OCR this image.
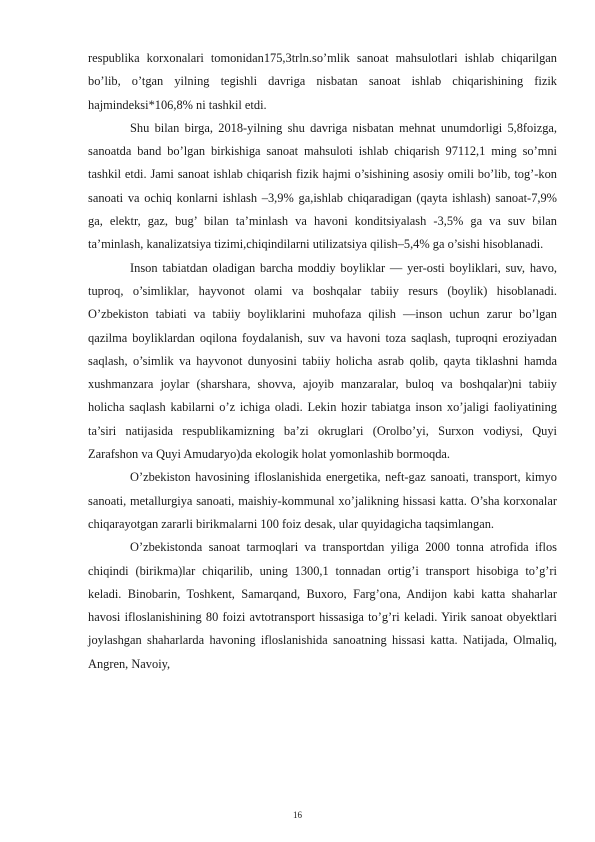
respublika korxonalari tomonidan175,3trln.so’mlik sanoat mahsulotlari ishlab chiqarilgan bo’lib, o’tgan yilning tegishli davriga nisbatan sanoat ishlab chiqarishining fizik hajmindeksi*106,8% ni tashkil etdi.

Shu bilan birga, 2018-yilning shu davriga nisbatan mehnat unumdorligi 5,8foizga, sanoatda band bo’lgan birkishiga sanoat mahsuloti ishlab chiqarish 97112,1 ming so’mni tashkil etdi. Jami sanoat ishlab chiqarish fizik hajmi o’sishining asosiy omili bo’lib, tog’-kon sanoati va ochiq konlarni ishlash –3,9% ga,ishlab chiqaradigan (qayta ishlash) sanoat-7,9% ga, elektr, gaz, bug’ bilan ta’minlash va havoni konditsiyalash -3,5% ga va suv bilan ta’minlash, kanalizatsiya tizimi,chiqindilarni utilizatsiya qilish–5,4% ga o’sishi hisoblanadi.

Inson tabiatdan oladigan barcha moddiy boyliklar — yer-osti boyliklari, suv, havo, tuproq, o’simliklar, hayvonot olami va boshqalar tabiiy resurs (boylik) hisoblanadi. O’zbekiston tabiati va tabiiy boyliklarini muhofaza qilish —inson uchun zarur bo’lgan qazilma boyliklardan oqilona foydalanish, suv va havoni toza saqlash, tuproqni eroziyadan saqlash, o’simlik va hayvonot dunyosini tabiiy holicha asrab qolib, qayta tiklashni hamda xushmanzara joylar (sharshara, shovva, ajoyib manzaralar, buloq va boshqalar)ni tabiiy holicha saqlash kabilarni o’z ichiga oladi. Lekin hozir tabiatga inson xo’jaligi faoliyatining ta’siri natijasida respublikamizning ba’zi okruglari (Orolbo’yi, Surxon vodiysi, Quyi Zarafshon va Quyi Amudaryo)da ekologik holat yomonlashib bormoqda.

O’zbekiston havosining ifloslanishida energetika, neft-gaz sanoati, transport, kimyo sanoati, metallurgiya sanoati, maishiy-kommunal xo’jalikning hissasi katta. O’sha korxonalar chiqarayotgan zararli birikmalarni 100 foiz desak, ular quyidagicha taqsimlangan.

O’zbekistonda sanoat tarmoqlari va transportdan yiliga 2000 tonna atrofida iflos chiqindi (birikma)lar chiqarilib, uning 1300,1 tonnadan ortig’i transport hisobiga to’g’ri keladi. Binobarin, Toshkent, Samarqand, Buxoro, Farg’ona, Andijon kabi katta shaharlar havosi ifloslanishining 80 foizi avtotransport hissasiga to’g’ri keladi. Yirik sanoat obyektlari joylashgan shaharlarda havoning ifloslanishida sanoatning hissasi katta. Natijada, Olmaliq, Angren, Navoiy,

16
